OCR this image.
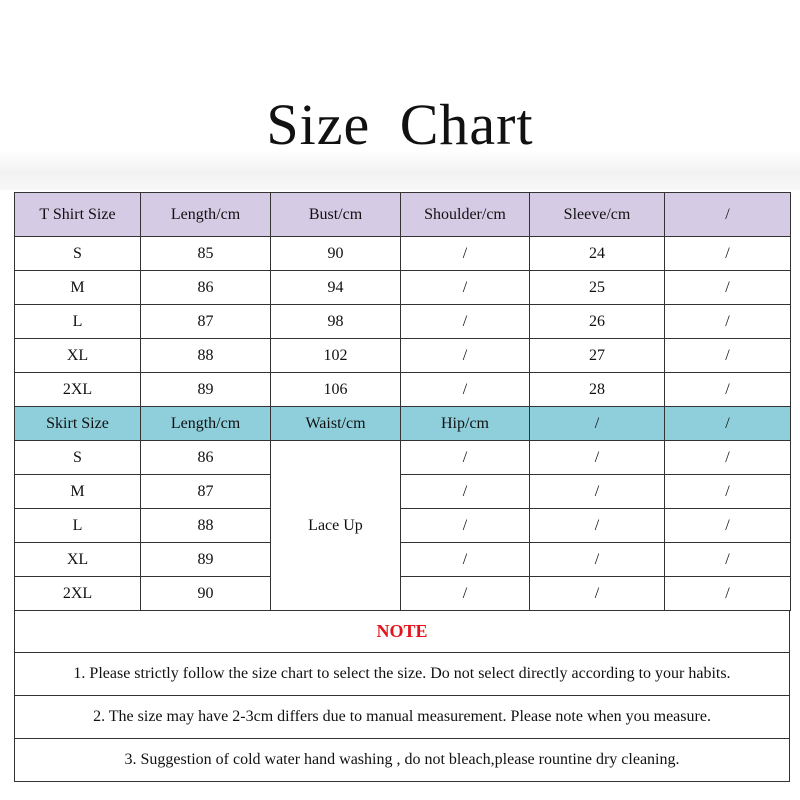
Size Chart
T Shirt Size	Length/cm	Bust/cm	Shoulder/cm	Sleeve/cm	/
S	85	90	/	24	/
M	86	94	/	25	/
L	87	98	/	26	/
XL	88	102	/	27	/
2XL	89	106	/	28	/
Skirt Size	Length/cm	Waist/cm	Hip/cm	/	/
S	86	Lace Up	/	/	/
M	87		/	/	/
L	88		/	/	/
XL	89		/	/	/
2XL	90		/	/	/
NOTE
1. Please strictly follow the size chart to select the size. Do not select directly according to your habits.
2. The size may have 2-3cm differs due to manual measurement. Please note when you measure.
3. Suggestion of cold water hand washing , do not bleach,please rountine dry cleaning.
